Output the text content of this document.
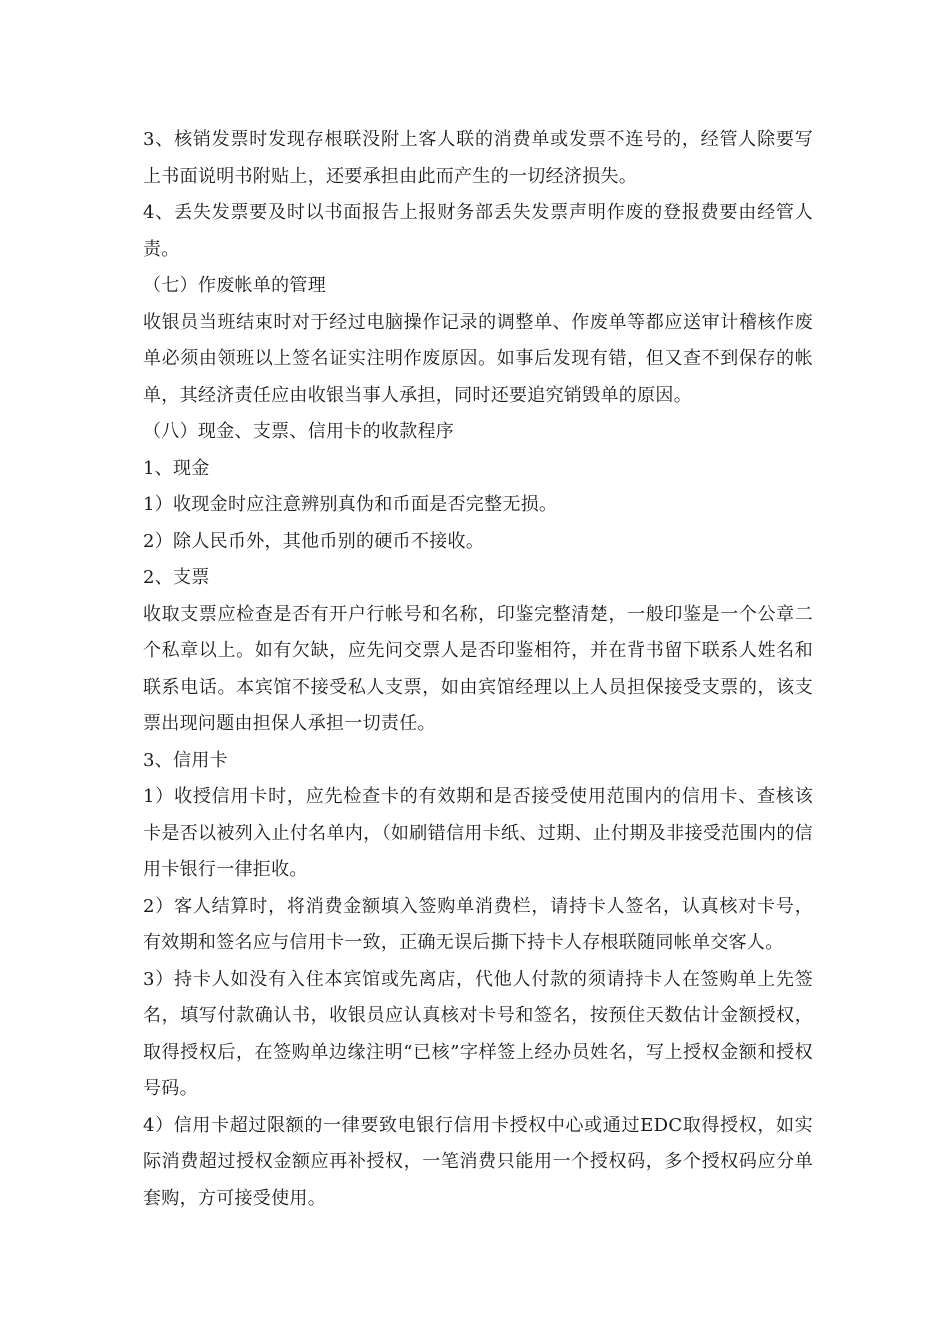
3、核销发票时发现存根联没附上客人联的消费单或发票不连号的，经管人除要写上书面说明书附贴上，还要承担由此而产生的一切经济损失。

4、丢失发票要及时以书面报告上报财务部丢失发票声明作废的登报费要由经管人责。

（七）作废帐单的管理

收银员当班结束时对于经过电脑操作记录的调整单、作废单等都应送审计稽核作废单必须由领班以上签名证实注明作废原因。如事后发现有错，但又查不到保存的帐单，其经济责任应由收银当事人承担，同时还要追究销毁单的原因。

（八）现金、支票、信用卡的收款程序

1、现金

1）收现金时应注意辨别真伪和币面是否完整无损。

2）除人民币外，其他币别的硬币不接收。

2、支票

收取支票应检查是否有开户行帐号和名称，印鉴完整清楚，一般印鉴是一个公章二个私章以上。如有欠缺，应先问交票人是否印鉴相符，并在背书留下联系人姓名和联系电话。本宾馆不接受私人支票，如由宾馆经理以上人员担保接受支票的，该支票出现问题由担保人承担一切责任。

3、信用卡

1）收授信用卡时，应先检查卡的有效期和是否接受使用范围内的信用卡、查核该卡是否以被列入止付名单内，（如刷错信用卡纸、过期、止付期及非接受范围内的信用卡银行一律拒收。

2）客人结算时，将消费金额填入签购单消费栏，请持卡人签名，认真核对卡号，有效期和签名应与信用卡一致，正确无误后撕下持卡人存根联随同帐单交客人。

3）持卡人如没有入住本宾馆或先离店，代他人付款的须请持卡人在签购单上先签名，填写付款确认书，收银员应认真核对卡号和签名，按预住天数估计金额授权，取得授权后，在签购单边缘注明“已核”字样签上经办员姓名，写上授权金额和授权号码。

4）信用卡超过限额的一律要致电银行信用卡授权中心或通过EDC取得授权，如实际消费超过授权金额应再补授权，一笔消费只能用一个授权码，多个授权码应分单套购，方可接受使用。
